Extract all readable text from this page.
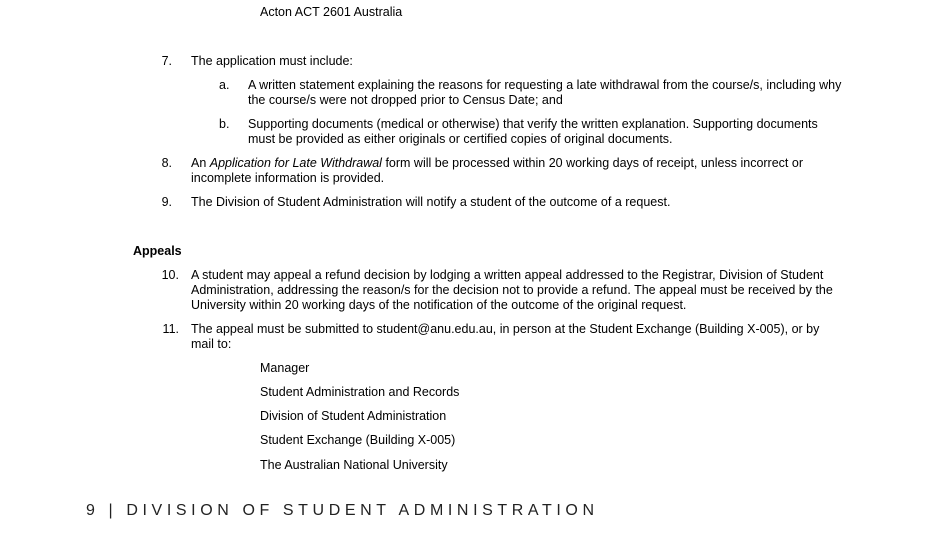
Acton ACT 2601 Australia
7. The application must include:
a. A written statement explaining the reasons for requesting a late withdrawal from the course/s, including why
the course/s were not dropped prior to Census Date; and
b. Supporting documents (medical or otherwise) that verify the written explanation. Supporting documents
must be provided as either originals or certified copies of original documents.
8. An Application for Late Withdrawal form will be processed within 20 working days of receipt, unless incorrect or
incomplete information is provided.
9. The Division of Student Administration will notify a student of the outcome of a request.
Appeals
10. A student may appeal a refund decision by lodging a written appeal addressed to the Registrar, Division of Student
Administration, addressing the reason/s for the decision not to provide a refund. The appeal must be received by the
University within 20 working days of the notification of the outcome of the original request.
11. The appeal must be submitted to student@anu.edu.au, in person at the Student Exchange (Building X-005), or by
mail to:
Manager
Student Administration and Records
Division of Student Administration
Student Exchange (Building X-005)
The Australian National University
9 | DIVISION OF STUDENT ADMINISTRATION
